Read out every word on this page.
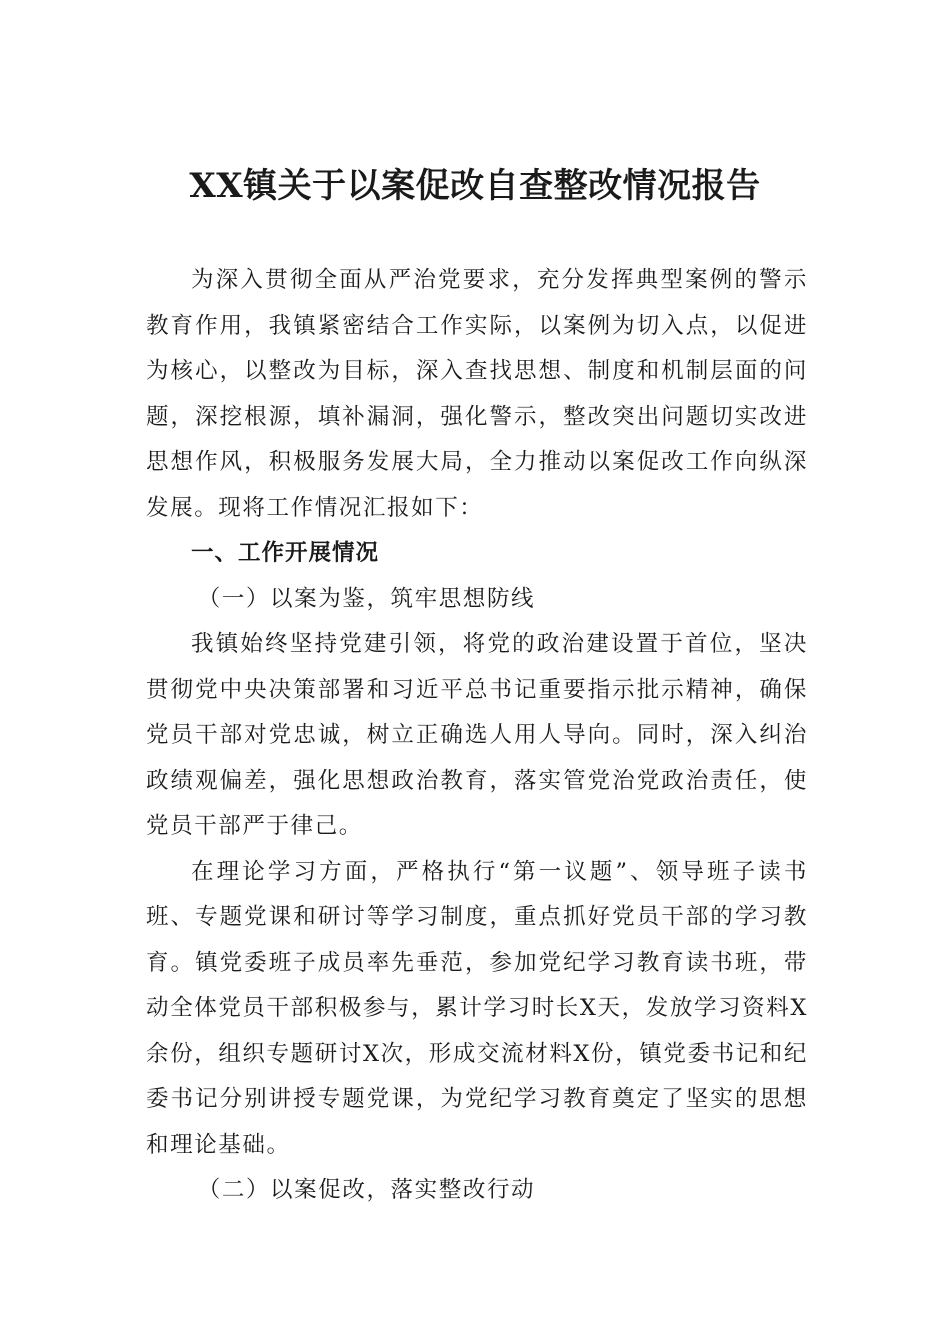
XX镇关于以案促改自查整改情况报告

为深入贯彻全面从严治党要求，充分发挥典型案例的警示教育作用，我镇紧密结合工作实际，以案例为切入点，以促进为核心，以整改为目标，深入查找思想、制度和机制层面的问题，深挖根源，填补漏洞，强化警示，整改突出问题切实改进思想作风，积极服务发展大局，全力推动以案促改工作向纵深发展。现将工作情况汇报如下：

一、工作开展情况
（一）以案为鉴，筑牢思想防线

我镇始终坚持党建引领，将党的政治建设置于首位，坚决贯彻党中央决策部署和习近平总书记重要指示批示精神，确保党员干部对党忠诚，树立正确选人用人导向。同时，深入纠治政绩观偏差，强化思想政治教育，落实管党治党政治责任，使党员干部严于律己。

在理论学习方面，严格执行“第一议题”、领导班子读书班、专题党课和研讨等学习制度，重点抓好党员干部的学习教育。镇党委班子成员率先垂范，参加党纪学习教育读书班，带动全体党员干部积极参与，累计学习时长X天，发放学习资料X余份，组织专题研讨X次，形成交流材料X份，镇党委书记和纪委书记分别讲授专题党课，为党纪学习教育奠定了坚实的思想和理论基础。

（二）以案促改，落实整改行动
